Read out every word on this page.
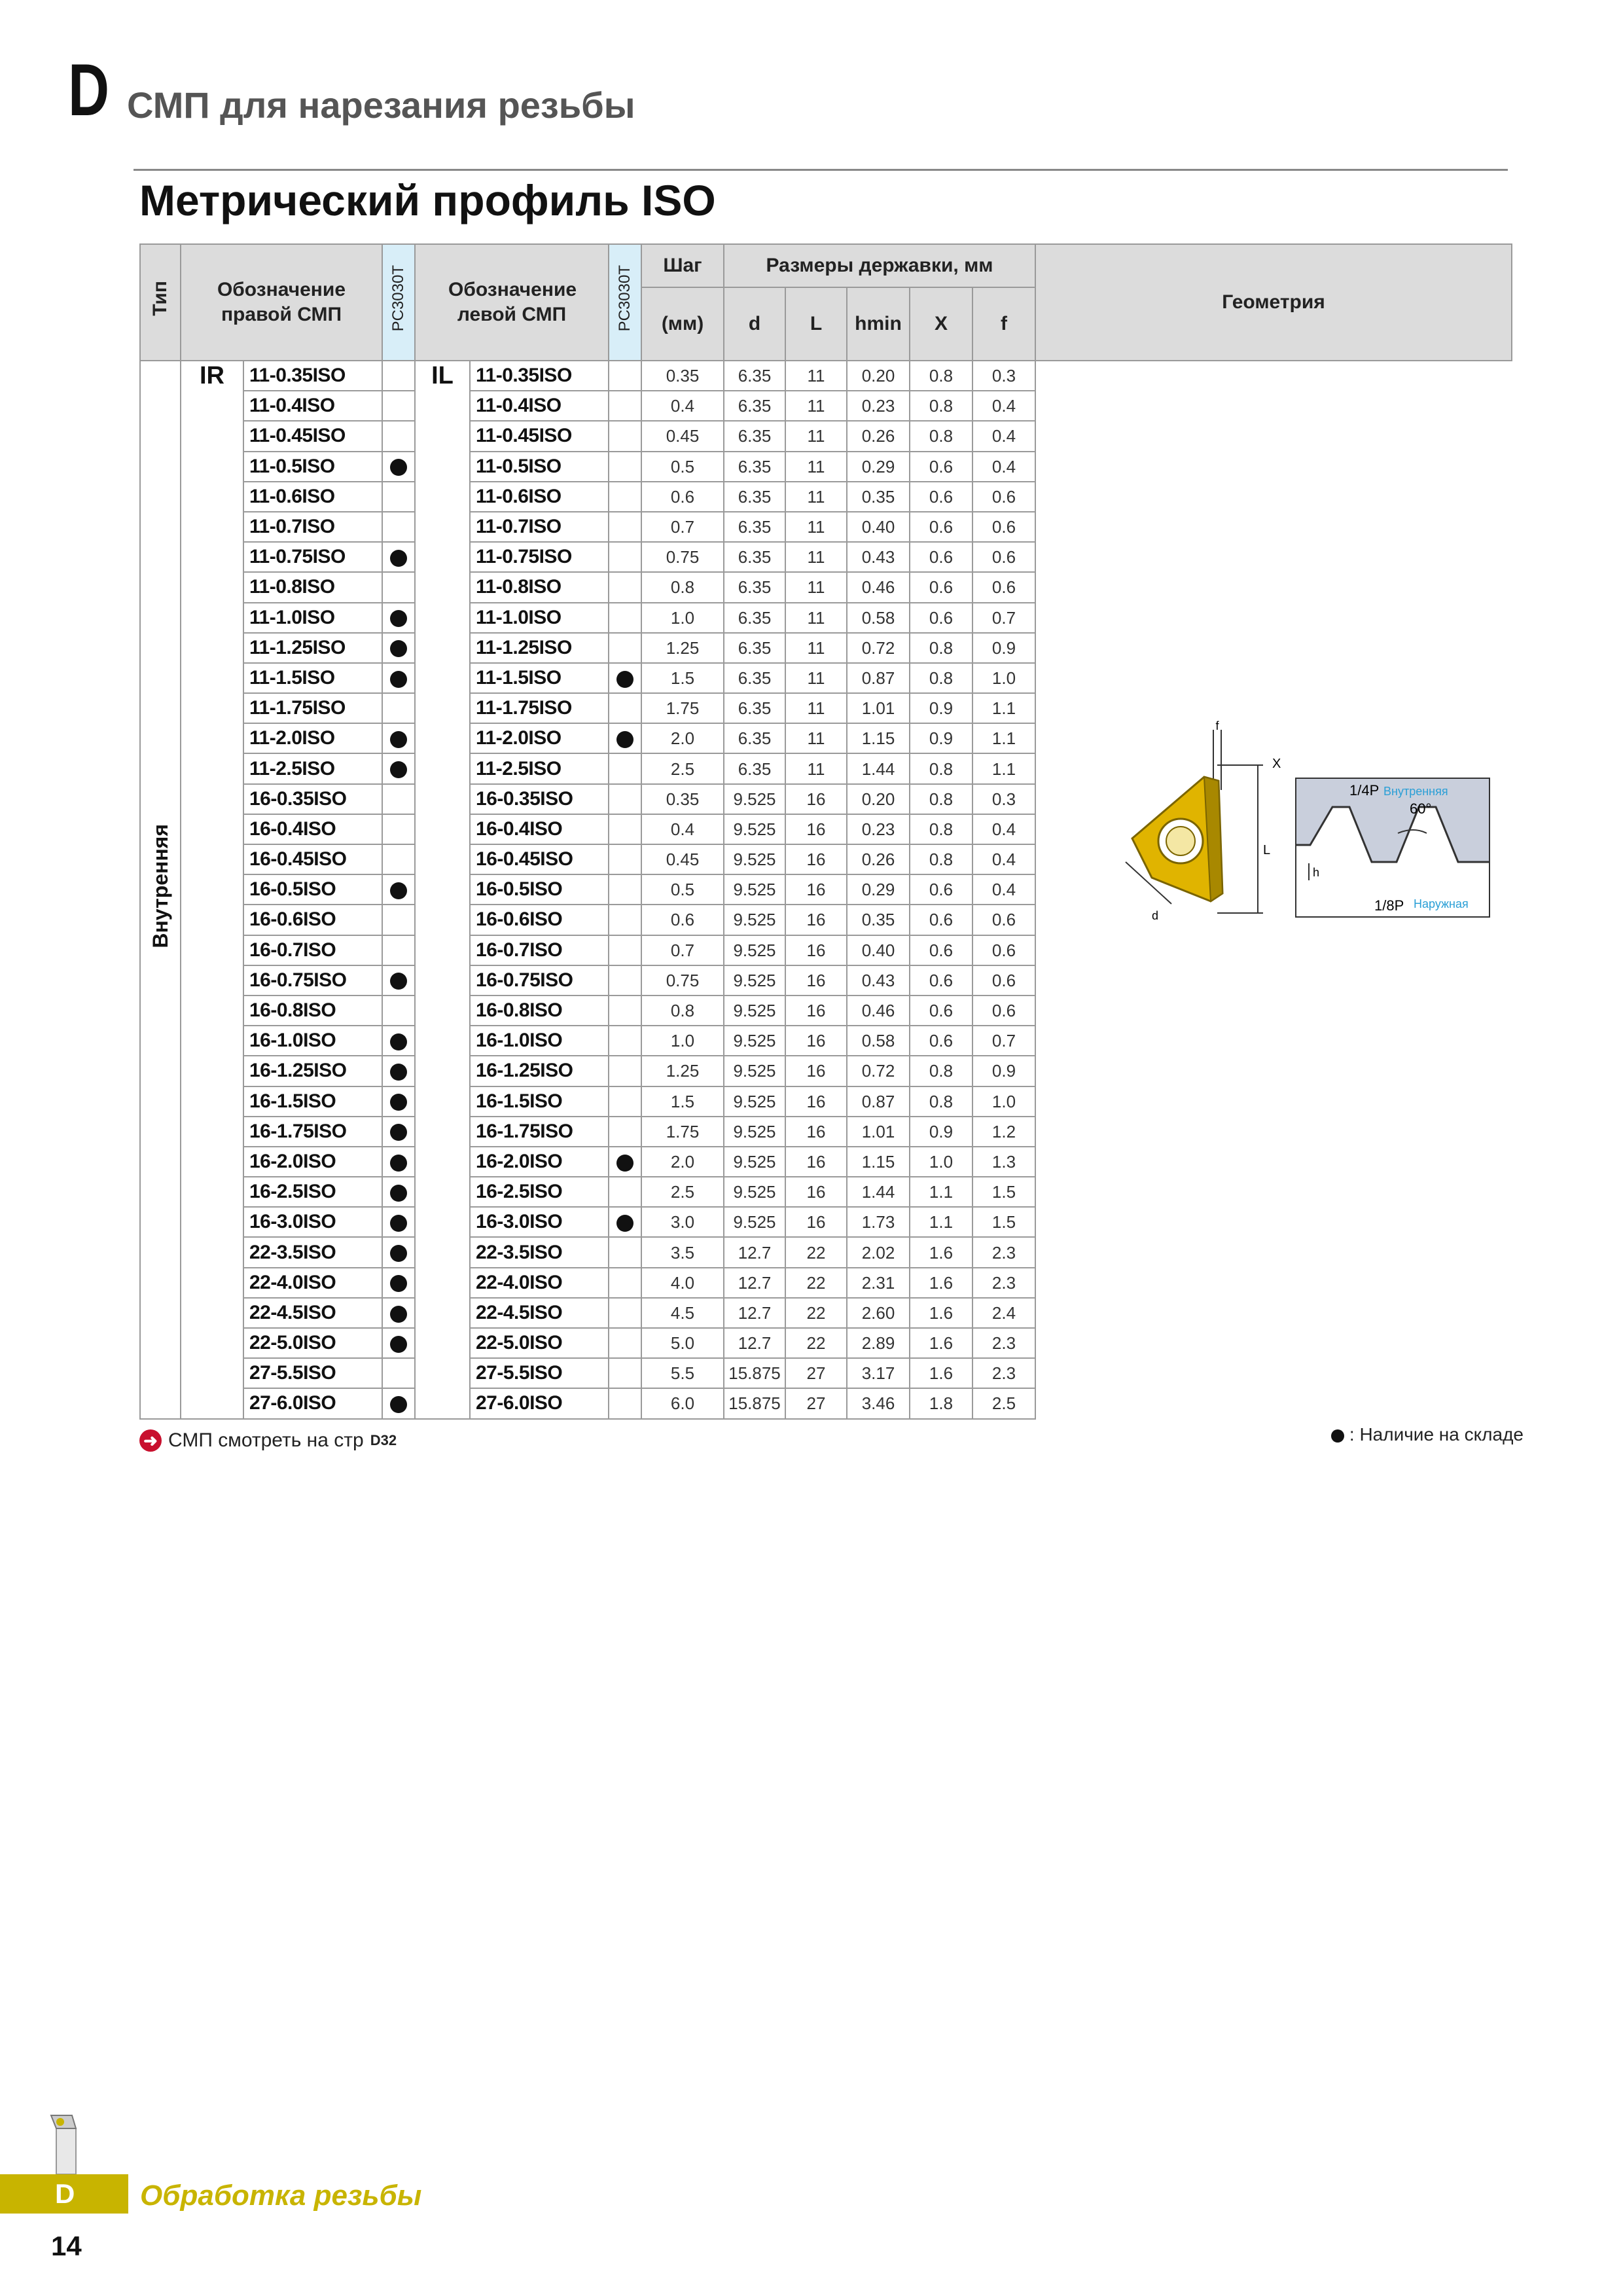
D СМП для нарезания резьбы
Метрический профиль ISO
Тип	Обозначение правой СМП		PC3030T	Обозначение левой СМП		PC3030T	Шаг	Размеры державки, мм					Геометрия
							(мм)	d	L	hmin	X	f	
Внутренняя	IR	11-0.35ISO		IL	11-0.35ISO		0.35	6.35	11	0.20	0.8	0.3	
		11-0.4ISO			11-0.4ISO		0.4	6.35	11	0.23	0.8	0.4	
		11-0.45ISO			11-0.45ISO		0.45	6.35	11	0.26	0.8	0.4	
		11-0.5ISO			11-0.5ISO		0.5	6.35	11	0.29	0.6	0.4	
		11-0.6ISO			11-0.6ISO		0.6	6.35	11	0.35	0.6	0.6	
		11-0.7ISO			11-0.7ISO		0.7	6.35	11	0.40	0.6	0.6	
		11-0.75ISO			11-0.75ISO		0.75	6.35	11	0.43	0.6	0.6	
		11-0.8ISO			11-0.8ISO		0.8	6.35	11	0.46	0.6	0.6	
		11-1.0ISO			11-1.0ISO		1.0	6.35	11	0.58	0.6	0.7	
		11-1.25ISO			11-1.25ISO		1.25	6.35	11	0.72	0.8	0.9	
		11-1.5ISO			11-1.5ISO		1.5	6.35	11	0.87	0.8	1.0	
		11-1.75ISO			11-1.75ISO		1.75	6.35	11	1.01	0.9	1.1	
		11-2.0ISO			11-2.0ISO		2.0	6.35	11	1.15	0.9	1.1	
		11-2.5ISO			11-2.5ISO		2.5	6.35	11	1.44	0.8	1.1	
		16-0.35ISO			16-0.35ISO		0.35	9.525	16	0.20	0.8	0.3	
		16-0.4ISO			16-0.4ISO		0.4	9.525	16	0.23	0.8	0.4	
		16-0.45ISO			16-0.45ISO		0.45	9.525	16	0.26	0.8	0.4	
		16-0.5ISO			16-0.5ISO		0.5	9.525	16	0.29	0.6	0.4	
		16-0.6ISO			16-0.6ISO		0.6	9.525	16	0.35	0.6	0.6	
		16-0.7ISO			16-0.7ISO		0.7	9.525	16	0.40	0.6	0.6	
		16-0.75ISO			16-0.75ISO		0.75	9.525	16	0.43	0.6	0.6	
		16-0.8ISO			16-0.8ISO		0.8	9.525	16	0.46	0.6	0.6	
		16-1.0ISO			16-1.0ISO		1.0	9.525	16	0.58	0.6	0.7	
		16-1.25ISO			16-1.25ISO		1.25	9.525	16	0.72	0.8	0.9	
		16-1.5ISO			16-1.5ISO		1.5	9.525	16	0.87	0.8	1.0	
		16-1.75ISO			16-1.75ISO		1.75	9.525	16	1.01	0.9	1.2	
		16-2.0ISO			16-2.0ISO		2.0	9.525	16	1.15	1.0	1.3	
		16-2.5ISO			16-2.5ISO		2.5	9.525	16	1.44	1.1	1.5	
		16-3.0ISO			16-3.0ISO		3.0	9.525	16	1.73	1.1	1.5	
		22-3.5ISO			22-3.5ISO		3.5	12.7	22	2.02	1.6	2.3	
		22-4.0ISO			22-4.0ISO		4.0	12.7	22	2.31	1.6	2.3	
		22-4.5ISO			22-4.5ISO		4.5	12.7	22	2.60	1.6	2.4	
		22-5.0ISO			22-5.0ISO		5.0	12.7	22	2.89	1.6	2.3	
		27-5.5ISO			27-5.5ISO		5.5	15.875	27	3.17	1.6	2.3	
		27-6.0ISO			27-6.0ISO		6.0	15.875	27	3.46	1.8	2.5	
f
X
L
d
1/4P Внутренняя
60°
h
1/8P Наружная
➜ СМП смотреть на стр D32	: Наличие на складе
D Обработка резьбы
14
